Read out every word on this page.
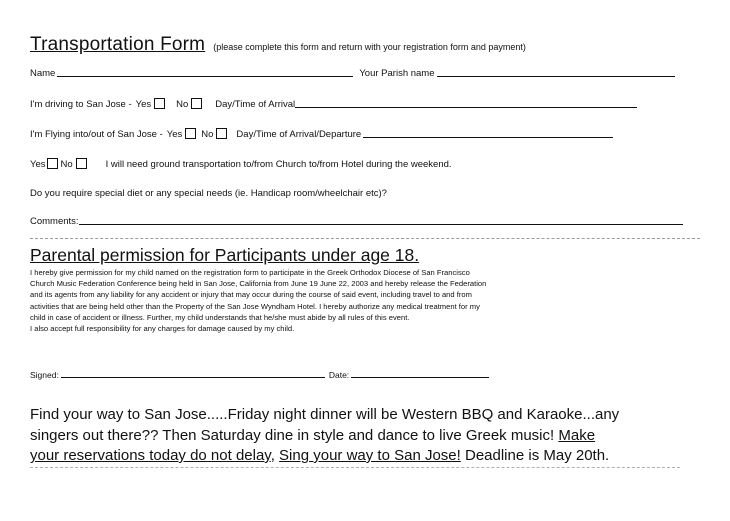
Transportation Form (please complete this form and return with your registration form and payment)
Name	Your Parish name
I'm driving to San Jose - Yes	No	Day/Time of Arrival
I'm Flying into/out of San Jose - Yes No Day/Time of Arrival/Departure
Yes No	I will need ground transportation to/from Church to/from Hotel during the weekend.
Do you require special diet or any special needs (ie. Handicap room/wheelchair etc)?
Comments:
Parental permission for Participants under age 18.
I hereby give permission for my child named on the registration form to participate in the Greek Orthodox Diocese of San Francisco
Church Music Federation Conference being held in San Jose, California from June 19 June 22, 2003 and hereby release the Federation
and its agents from any liability for any accident or injury that may occur during the course of said event, including travel to and from
activities that are being held other than the Property of the San Jose Wyndham Hotel. I hereby authorize any medical treatment for my
child in case of accident or illness. Further, my child understands that he/she must abide by all rules of this event.
I also accept full responsibility for any charges for damage caused by my child.
Signed:	Date:
Find your way to San Jose.....Friday night dinner will be Western BBQ and Karaoke...any
singers out there?? Then Saturday dine in style and dance to live Greek music! Make
your reservations today do not delay, Sing your way to San Jose! Deadline is May 20th.
